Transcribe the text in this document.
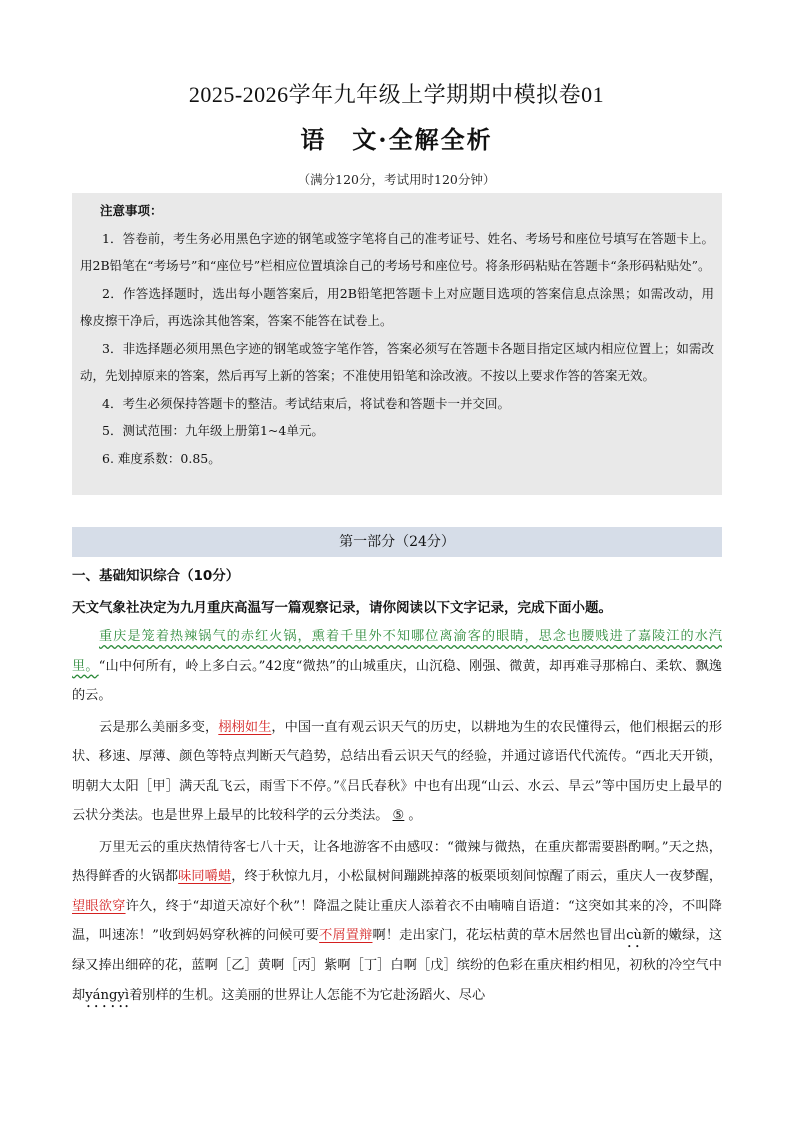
2025-2026学年九年级上学期期中模拟卷01
语　文·全解全析
（满分120分，考试用时120分钟）
注意事项：

1．答卷前，考生务必用黑色字迹的钢笔或签字笔将自己的准考证号、姓名、考场号和座位号填写在答题卡上。用2B铅笔在“考场号”和“座位号”栏相应位置填涂自己的考场号和座位号。将条形码粘贴在答题卡“条形码粘贴处”。

2．作答选择题时，选出每小题答案后，用2B铅笔把答题卡上对应题目选项的答案信息点涂黑；如需改动，用橡皮擦干净后，再选涂其他答案，答案不能答在试卷上。

3．非选择题必须用黑色字迹的钢笔或签字笔作答，答案必须写在答题卡各题目指定区域内相应位置上；如需改动，先划掉原来的答案，然后再写上新的答案；不准使用铅笔和涂改液。不按以上要求作答的答案无效。

4．考生必须保持答题卡的整洁。考试结束后，将试卷和答题卡一并交回。

5．测试范围：九年级上册第1~4单元。

6. 难度系数：0.85。

第一部分（24分）
一、基础知识综合（10分）
天文气象社决定为九月重庆高温写一篇观察记录，请你阅读以下文字记录，完成下面小题。

重庆是笼着热辣锅气的赤红火锅，熏着千里外不知哪位离渝客的眼睛，思念也腰贱进了嘉陵江的水汽里。“山中何所有，岭上多白云。”42度“微热”的山城重庆，山沉稳、刚强、微黄，却再难寻那棉白、柔软、飘逸的云。

云是那么美丽多变，栩栩如生，中国一直有观云识天气的历史，以耕地为生的农民懂得云，他们根据云的形状、移速、厚薄、颜色等特点判断天气趋势，总结出看云识天气的经验，并通过谚语代代流传。“西北天开锁，明朝大太阳［甲］满天乱飞云，雨雪下不停。”《吕氏春秋》中也有出现“山云、水云、旱云”等中国历史上最早的云状分类法。也是世界上最早的比较科学的云分类法。 ⑤ 。

万里无云的重庆热情待客七八十天，让各地游客不由感叹：“微辣与微热，在重庆都需要斟酌啊。”天之热，热得鲜香的火锅都味同嚼蜡，终于秋惊九月，小松鼠树间蹦跳掉落的板栗顷刻间惊醒了雨云，重庆人一夜梦醒，望眼欲穿许久，终于“却道天凉好个秋”！降温之陡让重庆人添着衣不由喃喃自语道：“这突如其来的冷，不叫降温，叫速冻！”收到妈妈穿秋裤的问候可要不屑置辩啊！走出家门，花坛枯黄的草木居然也冒出cù新的嫩绿，这绿又捧出细碎的花，蓝啊［乙］黄啊［丙］紫啊［丁］白啊［戊］缤纷的色彩在重庆相约相见，初秋的冷空气中却yángyì着别样的生机。这美丽的世界让人怎能不为它赴汤蹈火、尽心
